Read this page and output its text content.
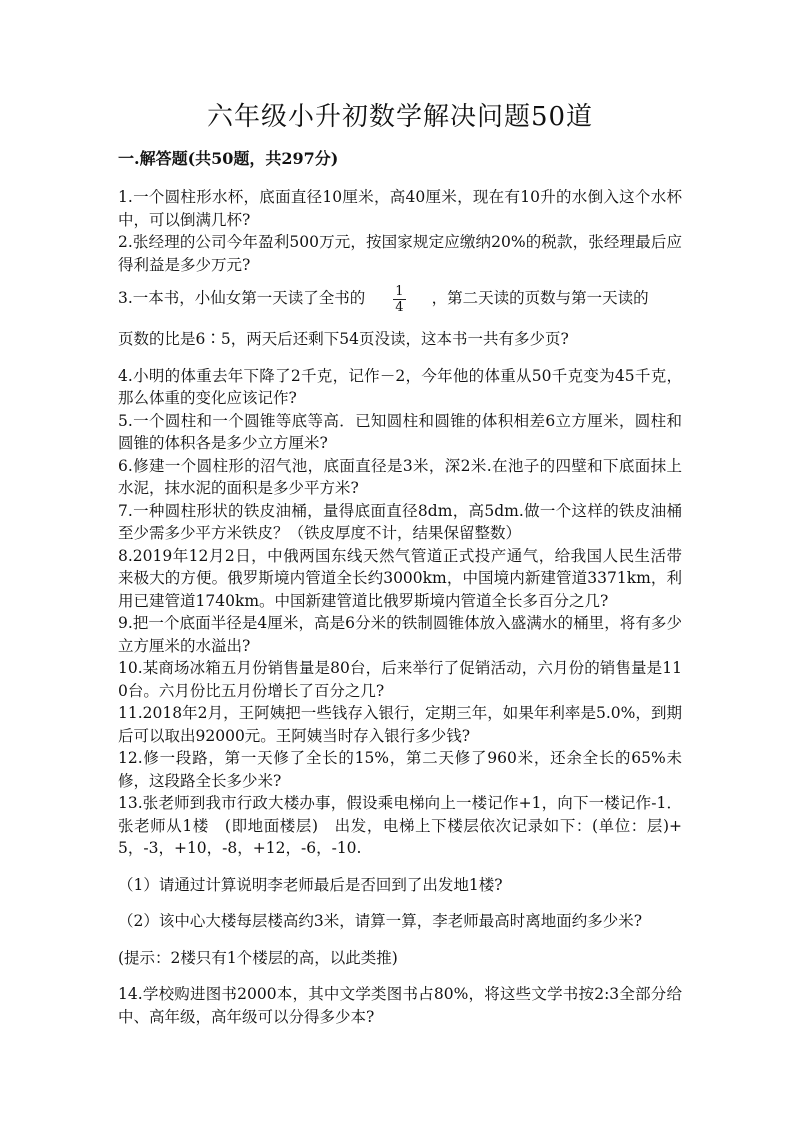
六年级小升初数学解决问题50道
一.解答题(共50题，共297分)

1.一个圆柱形水杯，底面直径10厘米，高40厘米，现在有10升的水倒入这个水杯中，可以倒满几杯?

2.张经理的公司今年盈利500万元，按国家规定应缴纳20%的税款，张经理最后应得利益是多少万元?

3.一本书，小仙女第一天读了全书的 $\frac{1}{4}$ ，第二天读的页数与第一天读的
页数的比是6∶5，两天后还剩下54页没读，这本书一共有多少页?

4.小明的体重去年下降了2千克，记作－2，今年他的体重从50千克变为45千克，那么体重的变化应该记作?

5.一个圆柱和一个圆锥等底等高．已知圆柱和圆锥的体积相差6立方厘米，圆柱和圆锥的体积各是多少立方厘米?

6.修建一个圆柱形的沼气池，底面直径是3米，深2米.在池子的四壁和下底面抹上水泥，抹水泥的面积是多少平方米?

7.一种圆柱形状的铁皮油桶，量得底面直径8dm，高5dm.做一个这样的铁皮油桶至少需多少平方米铁皮？（铁皮厚度不计，结果保留整数）

8.2019年12月2日，中俄两国东线天然气管道正式投产通气，给我国人民生活带来极大的方便。俄罗斯境内管道全长约3000km，中国境内新建管道3371km，利用已建管道1740km。中国新建管道比俄罗斯境内管道全长多百分之几?

9.把一个底面半径是4厘米，高是6分米的铁制圆锥体放入盛满水的桶里，将有多少立方厘米的水溢出?

10.某商场冰箱五月份销售量是80台，后来举行了促销活动，六月份的销售量是110台。六月份比五月份增长了百分之几?

11.2018年2月，王阿姨把一些钱存入银行，定期三年，如果年利率是5.0%，到期后可以取出92000元。王阿姨当时存入银行多少钱?

12.修一段路，第一天修了全长的15%，第二天修了960米，还余全长的65%未修，这段路全长多少米?

13.张老师到我市行政大楼办事，假设乘电梯向上一楼记作+1，向下一楼记作-1．张老师从1楼　(即地面楼层)　出发，电梯上下楼层依次记录如下：(单位：层)+5，-3，+10，-8，+12，-6，-10.

（1）请通过计算说明李老师最后是否回到了出发地1楼?

（2）该中心大楼每层楼高约3米，请算一算，李老师最高时离地面约多少米?

(提示：2楼只有1个楼层的高，以此类推)

14.学校购进图书2000本，其中文学类图书占80%，将这些文学书按2:3全部分给中、高年级，高年级可以分得多少本?
